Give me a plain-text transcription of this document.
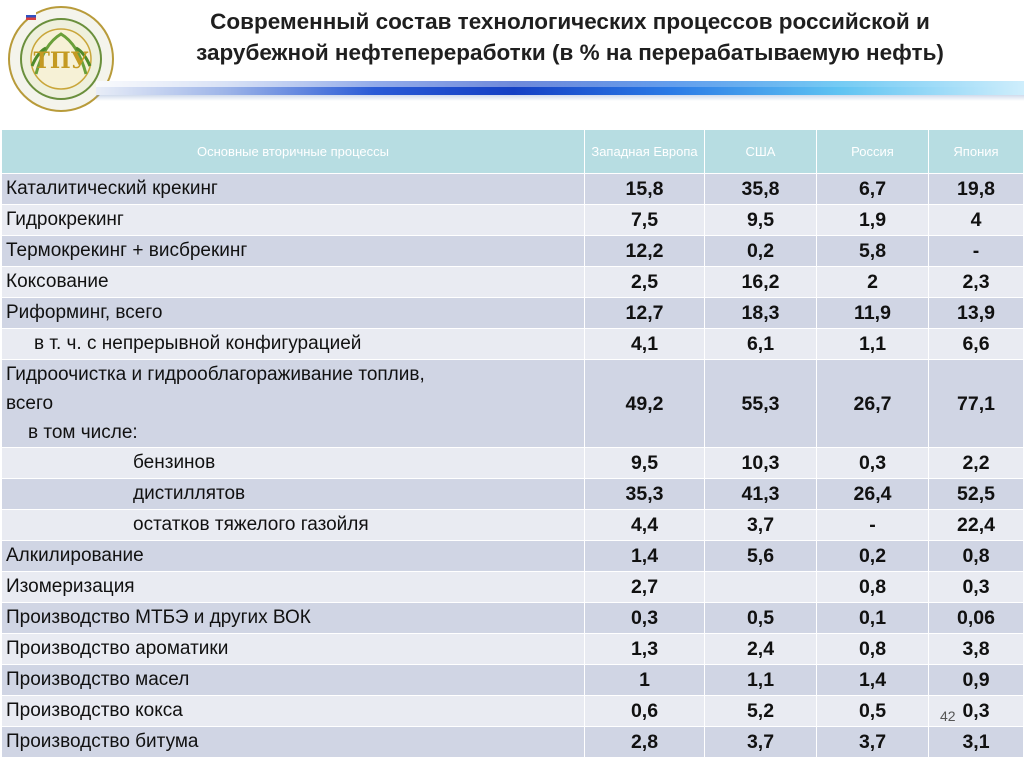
ТПУ
Современный состав технологических процессов российской и
зарубежной нефтепереработки (в % на перерабатываемую нефть)
Основные вторичные процессы	Западная Европа	США	Россия	Япония
Каталитический крекинг	15,8	35,8	6,7	19,8
Гидрокрекинг	7,5	9,5	1,9	4
Термокрекинг + висбрекинг	12,2	0,2	5,8	-
Коксование	2,5	16,2	2	2,3
Риформинг, всего	12,7	18,3	11,9	13,9
в т. ч. с непрерывной конфигурацией	4,1	6,1	1,1	6,6

Гидроочистка и гидрооблагораживание топлив,
всего
в том числе:	49,2	55,3	26,7	77,1
бензинов	9,5	10,3	0,3	2,2
дистиллятов	35,3	41,3	26,4	52,5
остатков тяжелого газойля	4,4	3,7	-	22,4
Алкилирование	1,4	5,6	0,2	0,8
Изомеризация	2,7		0,8	0,3
Производство МТБЭ и других ВОК	0,3	0,5	0,1	0,06
Производство ароматики	1,3	2,4	0,8	3,8
Производство масел	1	1,1	1,4	0,9
Производство кокса	0,6	5,2	0,5	0,3
Производство битума	2,8	3,7	3,7	3,1
42
